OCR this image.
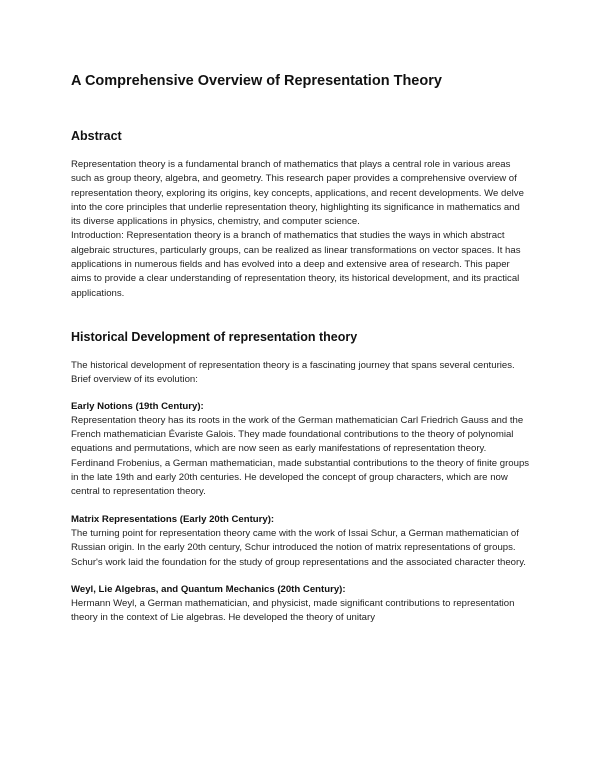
A Comprehensive Overview of Representation Theory
Abstract

Representation theory is a fundamental branch of mathematics that plays a central role in various areas such as group theory, algebra, and geometry. This research paper provides a comprehensive overview of representation theory, exploring its origins, key concepts, applications, and recent developments. We delve into the core principles that underlie representation theory, highlighting its significance in mathematics and its diverse applications in physics, chemistry, and computer science.

Introduction: Representation theory is a branch of mathematics that studies the ways in which abstract algebraic structures, particularly groups, can be realized as linear transformations on vector spaces. It has applications in numerous fields and has evolved into a deep and extensive area of research. This paper aims to provide a clear understanding of representation theory, its historical development, and its practical applications.

Historical Development of representation theory

The historical development of representation theory is a fascinating journey that spans several centuries. Brief overview of its evolution:

Early Notions (19th Century):

Representation theory has its roots in the work of the German mathematician Carl Friedrich Gauss and the French mathematician Évariste Galois. They made foundational contributions to the theory of polynomial equations and permutations, which are now seen as early manifestations of representation theory.

Ferdinand Frobenius, a German mathematician, made substantial contributions to the theory of finite groups in the late 19th and early 20th centuries. He developed the concept of group characters, which are now central to representation theory.

Matrix Representations (Early 20th Century):

The turning point for representation theory came with the work of Issai Schur, a German mathematician of Russian origin. In the early 20th century, Schur introduced the notion of matrix representations of groups.

Schur's work laid the foundation for the study of group representations and the associated character theory.

Weyl, Lie Algebras, and Quantum Mechanics (20th Century):

Hermann Weyl, a German mathematician, and physicist, made significant contributions to representation theory in the context of Lie algebras. He developed the theory of unitary
